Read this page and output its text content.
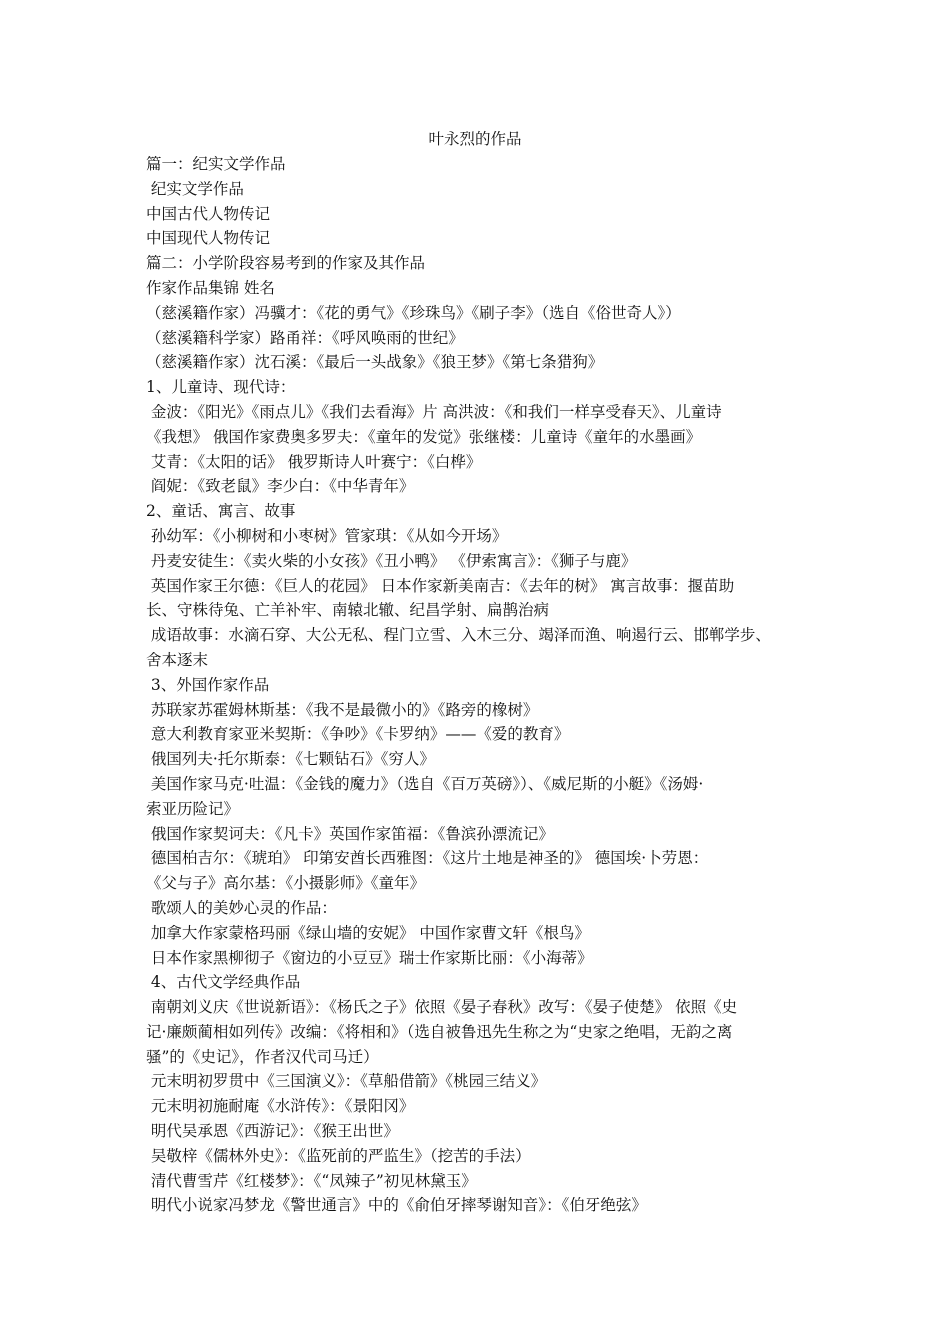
叶永烈的作品
篇一：纪实文学作品
纪实文学作品
中国古代人物传记
中国现代人物传记
篇二：小学阶段容易考到的作家及其作品
作家作品集锦 姓名
（慈溪籍作家）冯骥才：《花的勇气》《珍珠鸟》《刷子李》（选自《俗世奇人》）
（慈溪籍科学家）路甬祥：《呼风唤雨的世纪》
（慈溪籍作家）沈石溪：《最后一头战象》《狼王梦》《第七条猎狗》
1、儿童诗、现代诗：
金波：《阳光》《雨点儿》《我们去看海》片 高洪波：《和我们一样享受春天》、儿童诗
《我想》 俄国作家费奥多罗夫：《童年的发觉》张继楼：儿童诗《童年的水墨画》
艾青：《太阳的话》 俄罗斯诗人叶赛宁：《白桦》
阎妮：《致老鼠》李少白：《中华青年》
2、童话、寓言、故事
孙幼军：《小柳树和小枣树》管家琪：《从如今开场》
丹麦安徒生：《卖火柴的小女孩》《丑小鸭》 《伊索寓言》：《狮子与鹿》
英国作家王尔德：《巨人的花园》 日本作家新美南吉：《去年的树》 寓言故事：揠苗助
长、守株待兔、亡羊补牢、南辕北辙、纪昌学射、扁鹊治病
成语故事：水滴石穿、大公无私、程门立雪、入木三分、竭泽而渔、响遏行云、邯郸学步、
舍本逐末
3、外国作家作品
苏联家苏霍姆林斯基：《我不是最微小的》《路旁的橡树》
意大利教育家亚米契斯：《争吵》《卡罗纳》——《爱的教育》
俄国列夫·托尔斯泰：《七颗钻石》《穷人》
美国作家马克·吐温：《金钱的魔力》（选自《百万英磅》）、《威尼斯的小艇》《汤姆·
索亚历险记》
俄国作家契诃夫：《凡卡》英国作家笛福：《鲁滨孙漂流记》
德国柏吉尔：《琥珀》 印第安酋长西雅图：《这片土地是神圣的》 德国埃·卜劳恩：
《父与子》高尔基：《小摄影师》《童年》
歌颂人的美妙心灵的作品：
加拿大作家蒙格玛丽《绿山墙的安妮》 中国作家曹文轩《根鸟》
日本作家黑柳彻子《窗边的小豆豆》瑞士作家斯比丽：《小海蒂》
4、古代文学经典作品
南朝刘义庆《世说新语》：《杨氏之子》依照《晏子春秋》改写：《晏子使楚》 依照《史
记·廉颇蔺相如列传》改编：《将相和》（选自被鲁迅先生称之为“史家之绝唱，无韵之离
骚”的《史记》，作者汉代司马迁）
元末明初罗贯中《三国演义》：《草船借箭》《桃园三结义》
元末明初施耐庵《水浒传》：《景阳冈》
明代吴承恩《西游记》：《猴王出世》
吴敬梓《儒林外史》：《监死前的严监生》（挖苦的手法）
清代曹雪芹《红楼梦》：《“凤辣子”初见林黛玉》
明代小说家冯梦龙《警世通言》中的《俞伯牙摔琴谢知音》：《伯牙绝弦》
